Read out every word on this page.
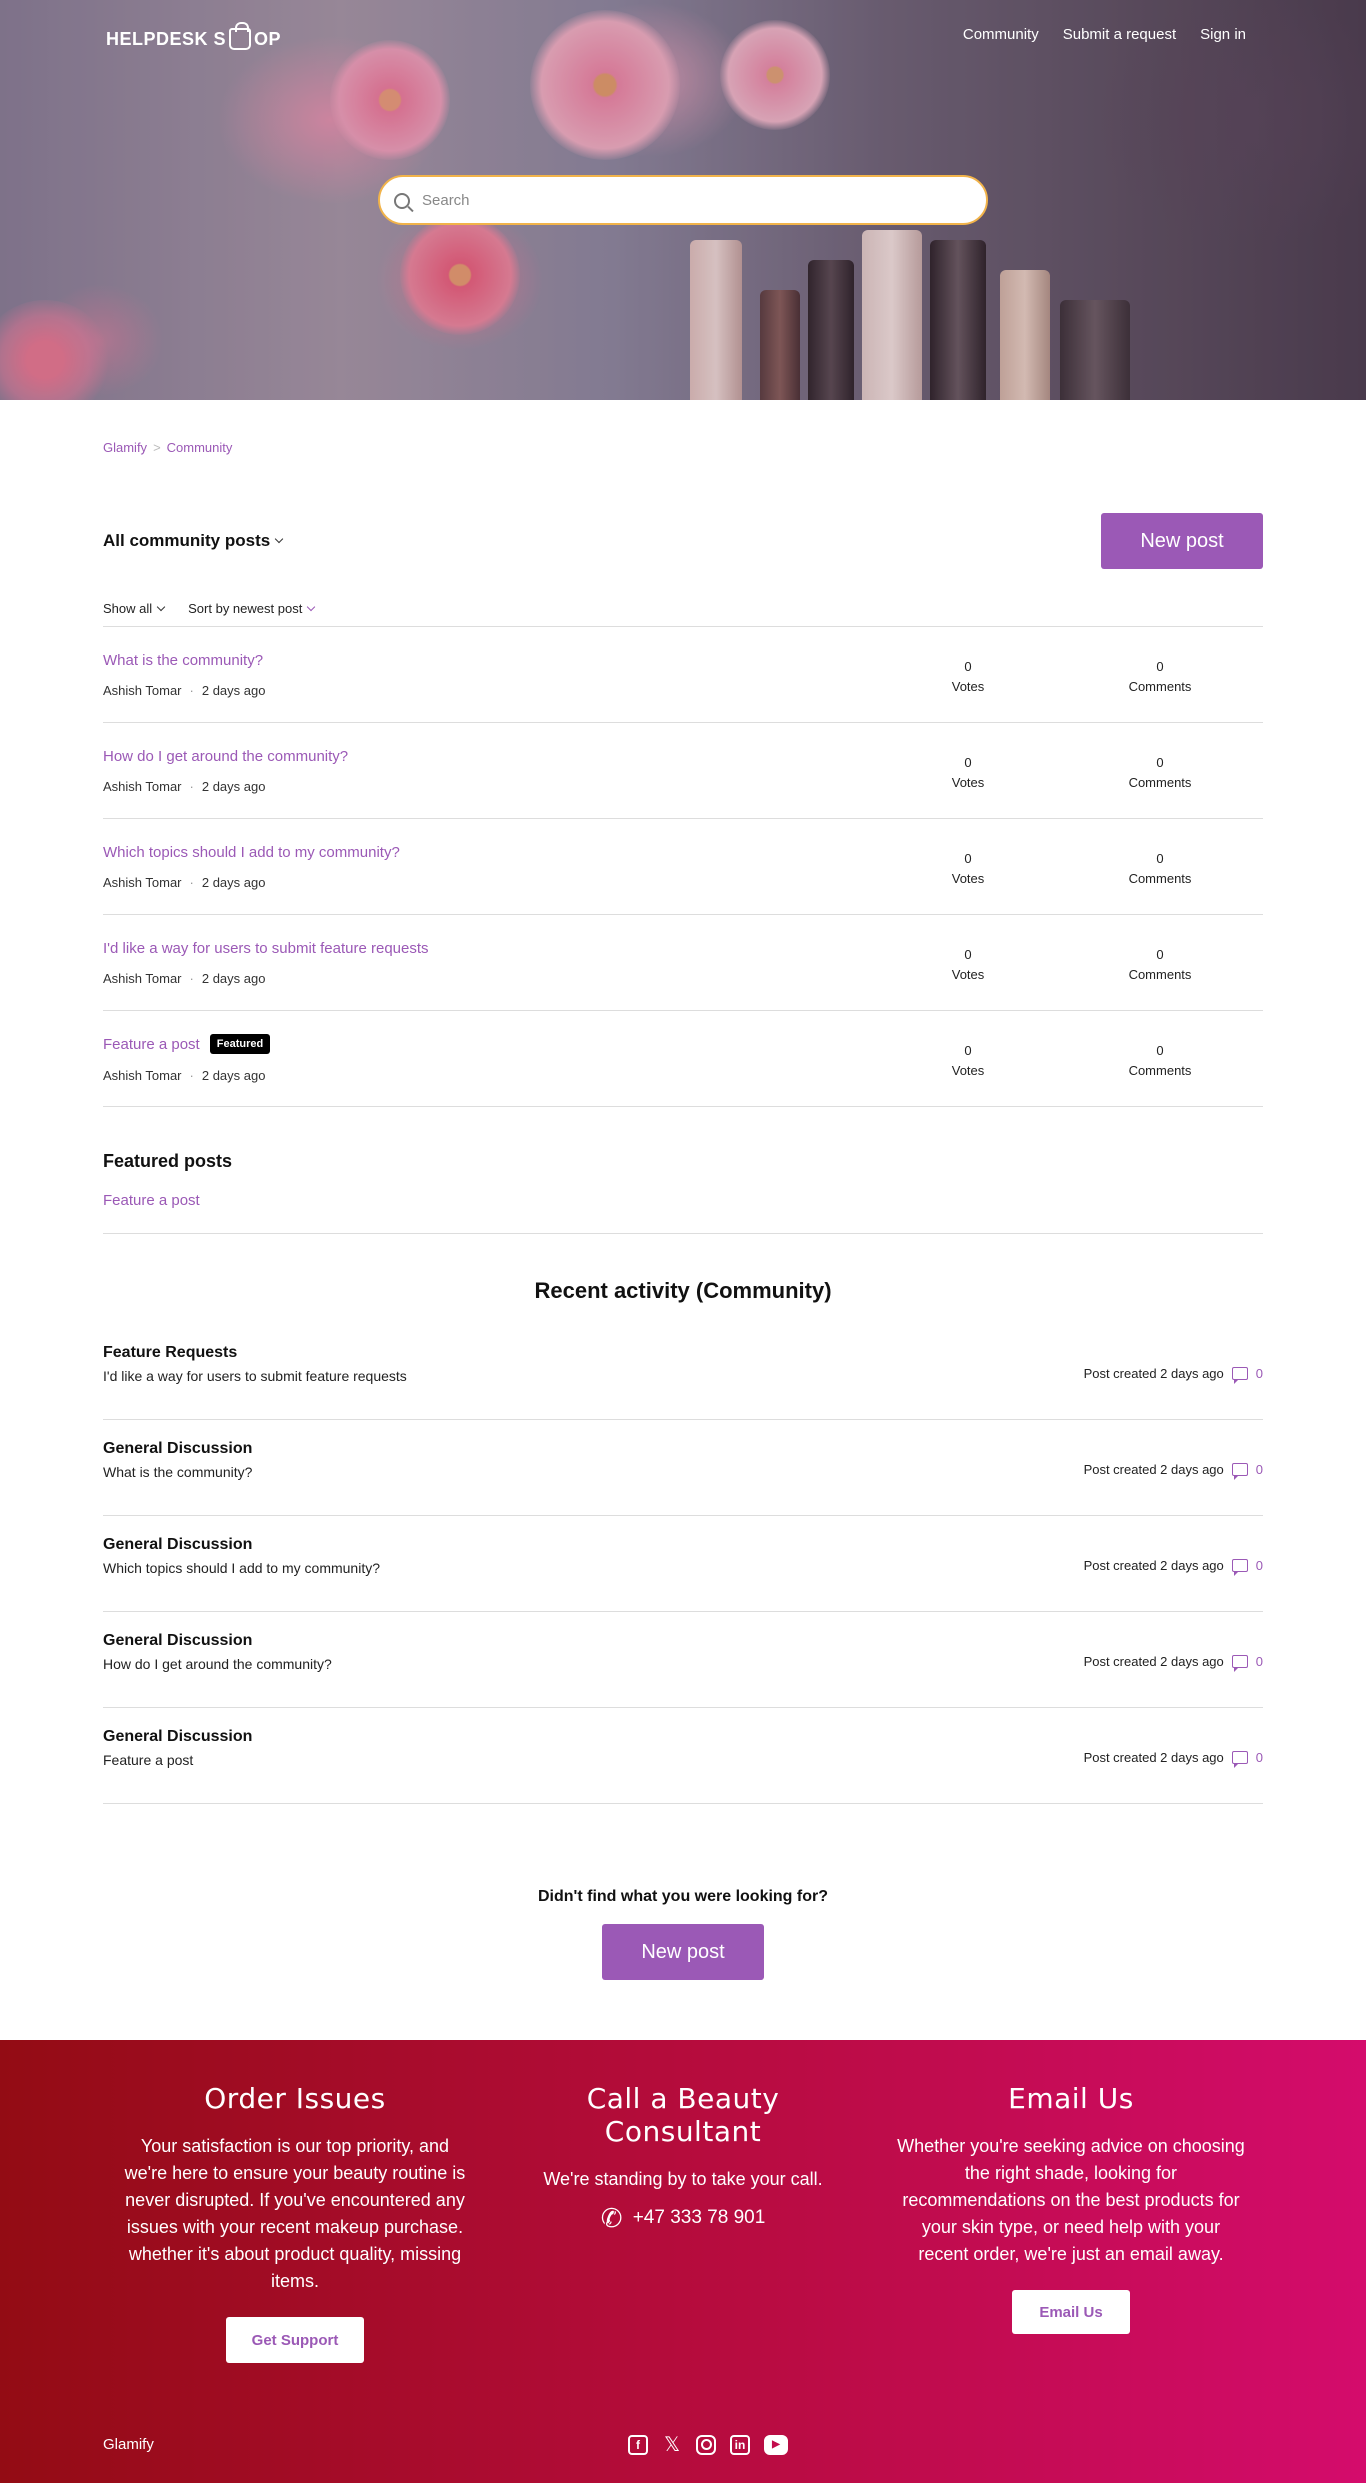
HELPDESK S OP	Community Submit a request Sign in
Search
Glamify > Community
All community posts	New post
Show all	Sort by newest post
What is the community?
Ashish Tomar · 2 days ago
0
Votes
0
Comments
How do I get around the community?
Ashish Tomar · 2 days ago
0
Votes
0
Comments
Which topics should I add to my community?
Ashish Tomar · 2 days ago
0
Votes
0
Comments
I'd like a way for users to submit feature requests
Ashish Tomar · 2 days ago
0
Votes
0
Comments
Feature a post	Featured
Ashish Tomar · 2 days ago
0
Votes
0
Comments
Featured posts
Feature a post
Recent activity (Community)
Feature Requests
I'd like a way for users to submit feature requests	Post created 2 days ago 0
General Discussion
What is the community?	Post created 2 days ago 0
General Discussion
Which topics should I add to my community?	Post created 2 days ago 0
General Discussion
How do I get around the community?	Post created 2 days ago 0
General Discussion
Feature a post	Post created 2 days ago 0

Didn't find what you were looking for?

New post
Order Issues

Your satisfaction is our top priority, and we're here to ensure your beauty routine is never disrupted. If you've encountered any issues with your recent makeup purchase. whether it's about product quality, missing items.

Get Support
Call a Beauty Consultant

We're standing by to take your call.

✆
+47 333 78 901
Email Us

Whether you're seeking advice on choosing the right shade, looking for recommendations on the best products for your skin type, or need help with your recent order, we're just an email away.

Email Us
Glamify	f	𝕏	in	▶
